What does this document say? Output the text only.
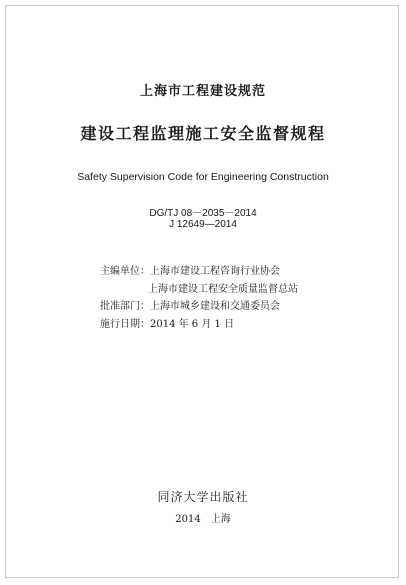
上海市工程建设规范
建设工程监理施工安全监督规程
Safety Supervision Code for Engineering Construction
DG/TJ 08－2035－2014
J 12649—2014
主编单位：上海市建设工程咨询行业协会
上海市建设工程安全质量监督总站
批准部门：上海市城乡建设和交通委员会
施行日期：2014 年 6 月 1 日
同济大学出版社
2014 上海
